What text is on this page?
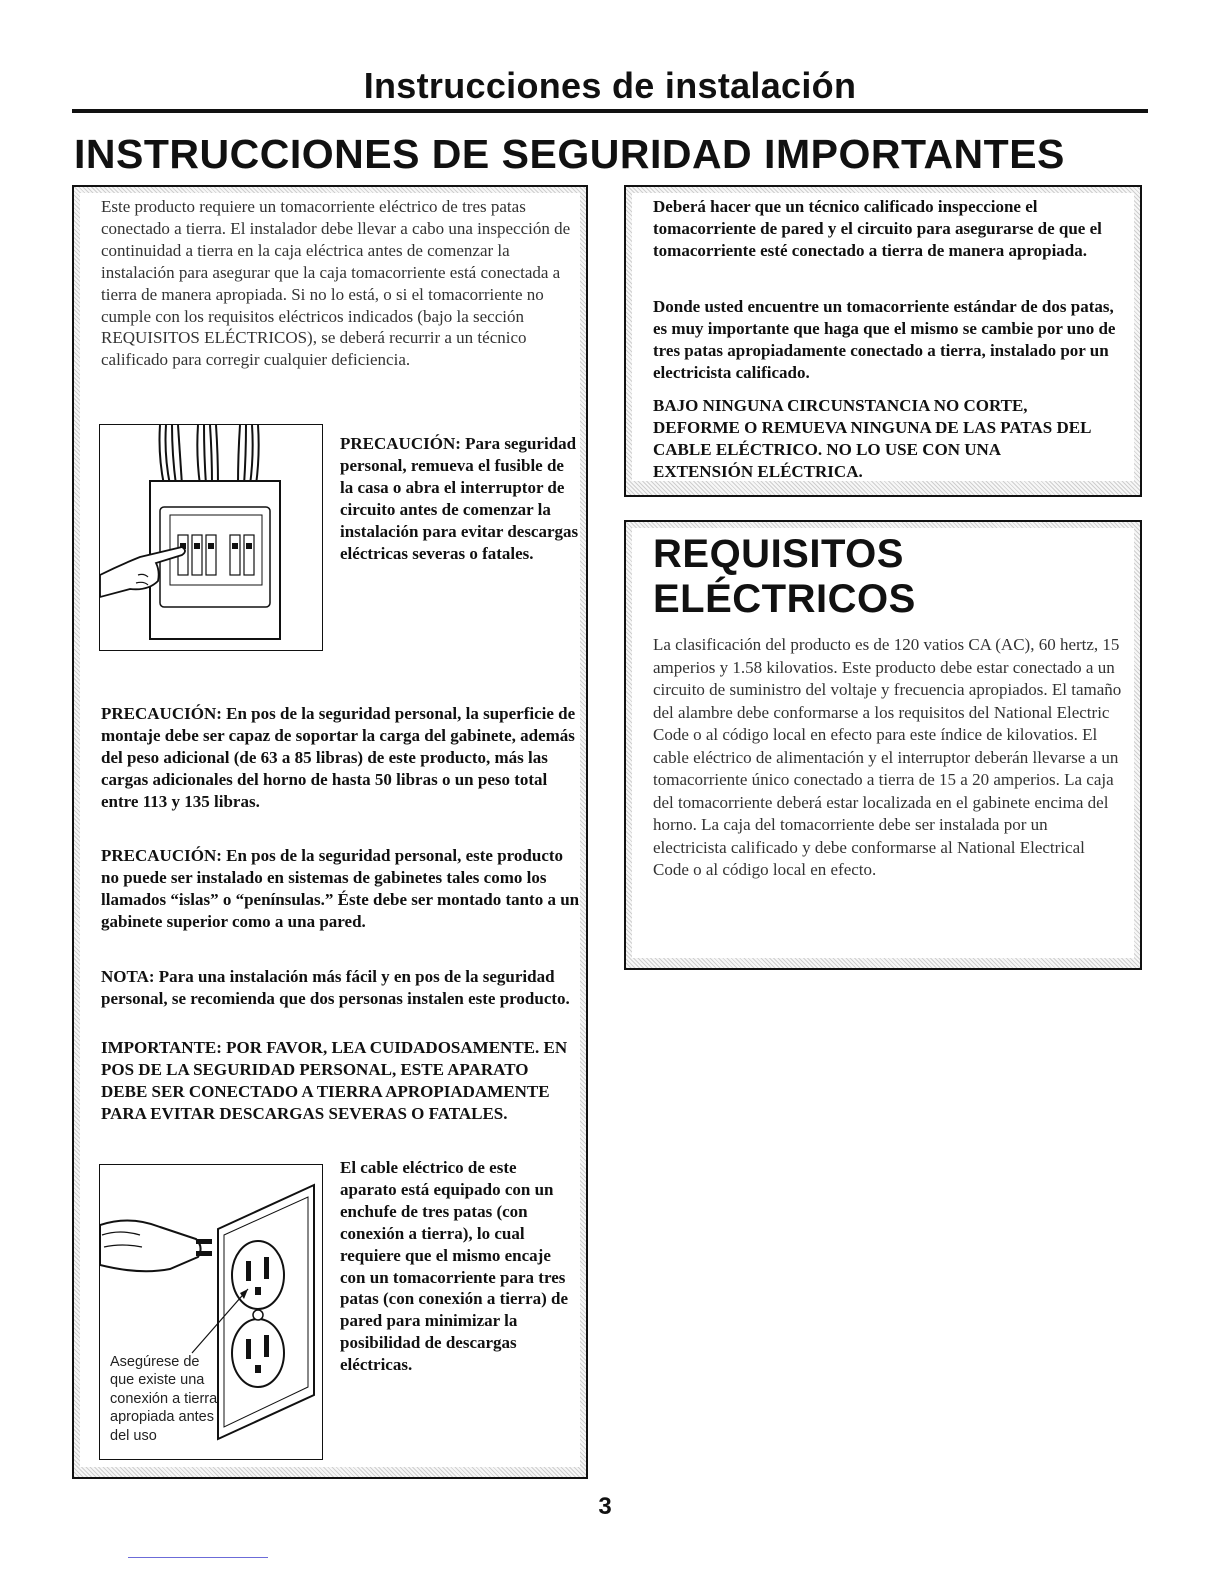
Instrucciones de instalación
INSTRUCCIONES DE SEGURIDAD IMPORTANTES
Este producto requiere un tomacorriente eléctrico de tres patas conectado a tierra. El instalador debe llevar a cabo una inspección de continuidad a tierra en la caja eléctrica antes de comenzar la instalación para asegurar que la caja tomacorriente está conectada a tierra de manera apropiada. Si no lo está, o si el tomacorriente no cumple con los requisitos eléctricos indicados (bajo la sección REQUISITOS ELÉCTRICOS), se deberá recurrir a un técnico calificado para corregir cualquier deficiencia.
PRECAUCIÓN: Para seguridad personal, remueva el fusible de la casa o abra el interruptor de circuito antes de comenzar la instalación para evitar descargas eléctricas severas o fatales.
PRECAUCIÓN: En pos de la seguridad personal, la superficie de montaje debe ser capaz de soportar la carga del gabinete, además del peso adicional (de 63 a 85 libras) de este producto, más las cargas adicionales del horno de hasta 50 libras o un peso total entre 113 y 135 libras.
PRECAUCIÓN: En pos de la seguridad personal, este producto no puede ser instalado en sistemas de gabinetes tales como los llamados “islas” o “penínsulas.” Éste debe ser montado tanto a un gabinete superior como a una pared.
NOTA: Para una instalación más fácil y en pos de la seguridad personal, se recomienda que dos personas instalen este producto.
IMPORTANTE: POR FAVOR, LEA CUIDADOSAMENTE. EN POS DE LA SEGURIDAD PERSONAL, ESTE APARATO DEBE SER CONECTADO A TIERRA APROPIADAMENTE PARA EVITAR DESCARGAS SEVERAS O FATALES.
Asegúrese de que existe una conexión a tierra apropiada antes del uso
El cable eléctrico de este aparato está equipado con un enchufe de tres patas (con conexión a tierra), lo cual requiere que el mismo encaje con un tomacorriente para tres patas (con conexión a tierra) de pared para minimizar la posibilidad de descargas eléctricas.
Deberá hacer que un técnico calificado inspeccione el tomacorriente de pared y el circuito para asegurarse de que el tomacorriente esté conectado a tierra de manera apropiada.
Donde usted encuentre un tomacorriente estándar de dos patas, es muy importante que haga que el mismo se cambie por uno de tres patas apropiadamente conectado a tierra, instalado por un electricista calificado.
BAJO NINGUNA CIRCUNSTANCIA NO CORTE, DEFORME O REMUEVA NINGUNA DE LAS PATAS DEL CABLE ELÉCTRICO. NO LO USE CON UNA EXTENSIÓN ELÉCTRICA.
REQUISITOS
ELÉCTRICOS
La clasificación del producto es de 120 vatios CA (AC), 60 hertz, 15 amperios y 1.58 kilovatios. Este producto debe estar conectado a un circuito de suministro del voltaje y frecuencia apropiados. El tamaño del alambre debe conformarse a los requisitos del National Electric Code o al código local en efecto para este índice de kilovatios. El cable eléctrico de alimentación y el interruptor deberán llevarse a un tomacorriente único conectado a tierra de 15 a 20 amperios. La caja del tomacorriente deberá estar localizada en el gabinete encima del horno. La caja del tomacorriente debe ser instalada por un electricista calificado y debe conformarse al National Electrical Code o al código local en efecto.
3
